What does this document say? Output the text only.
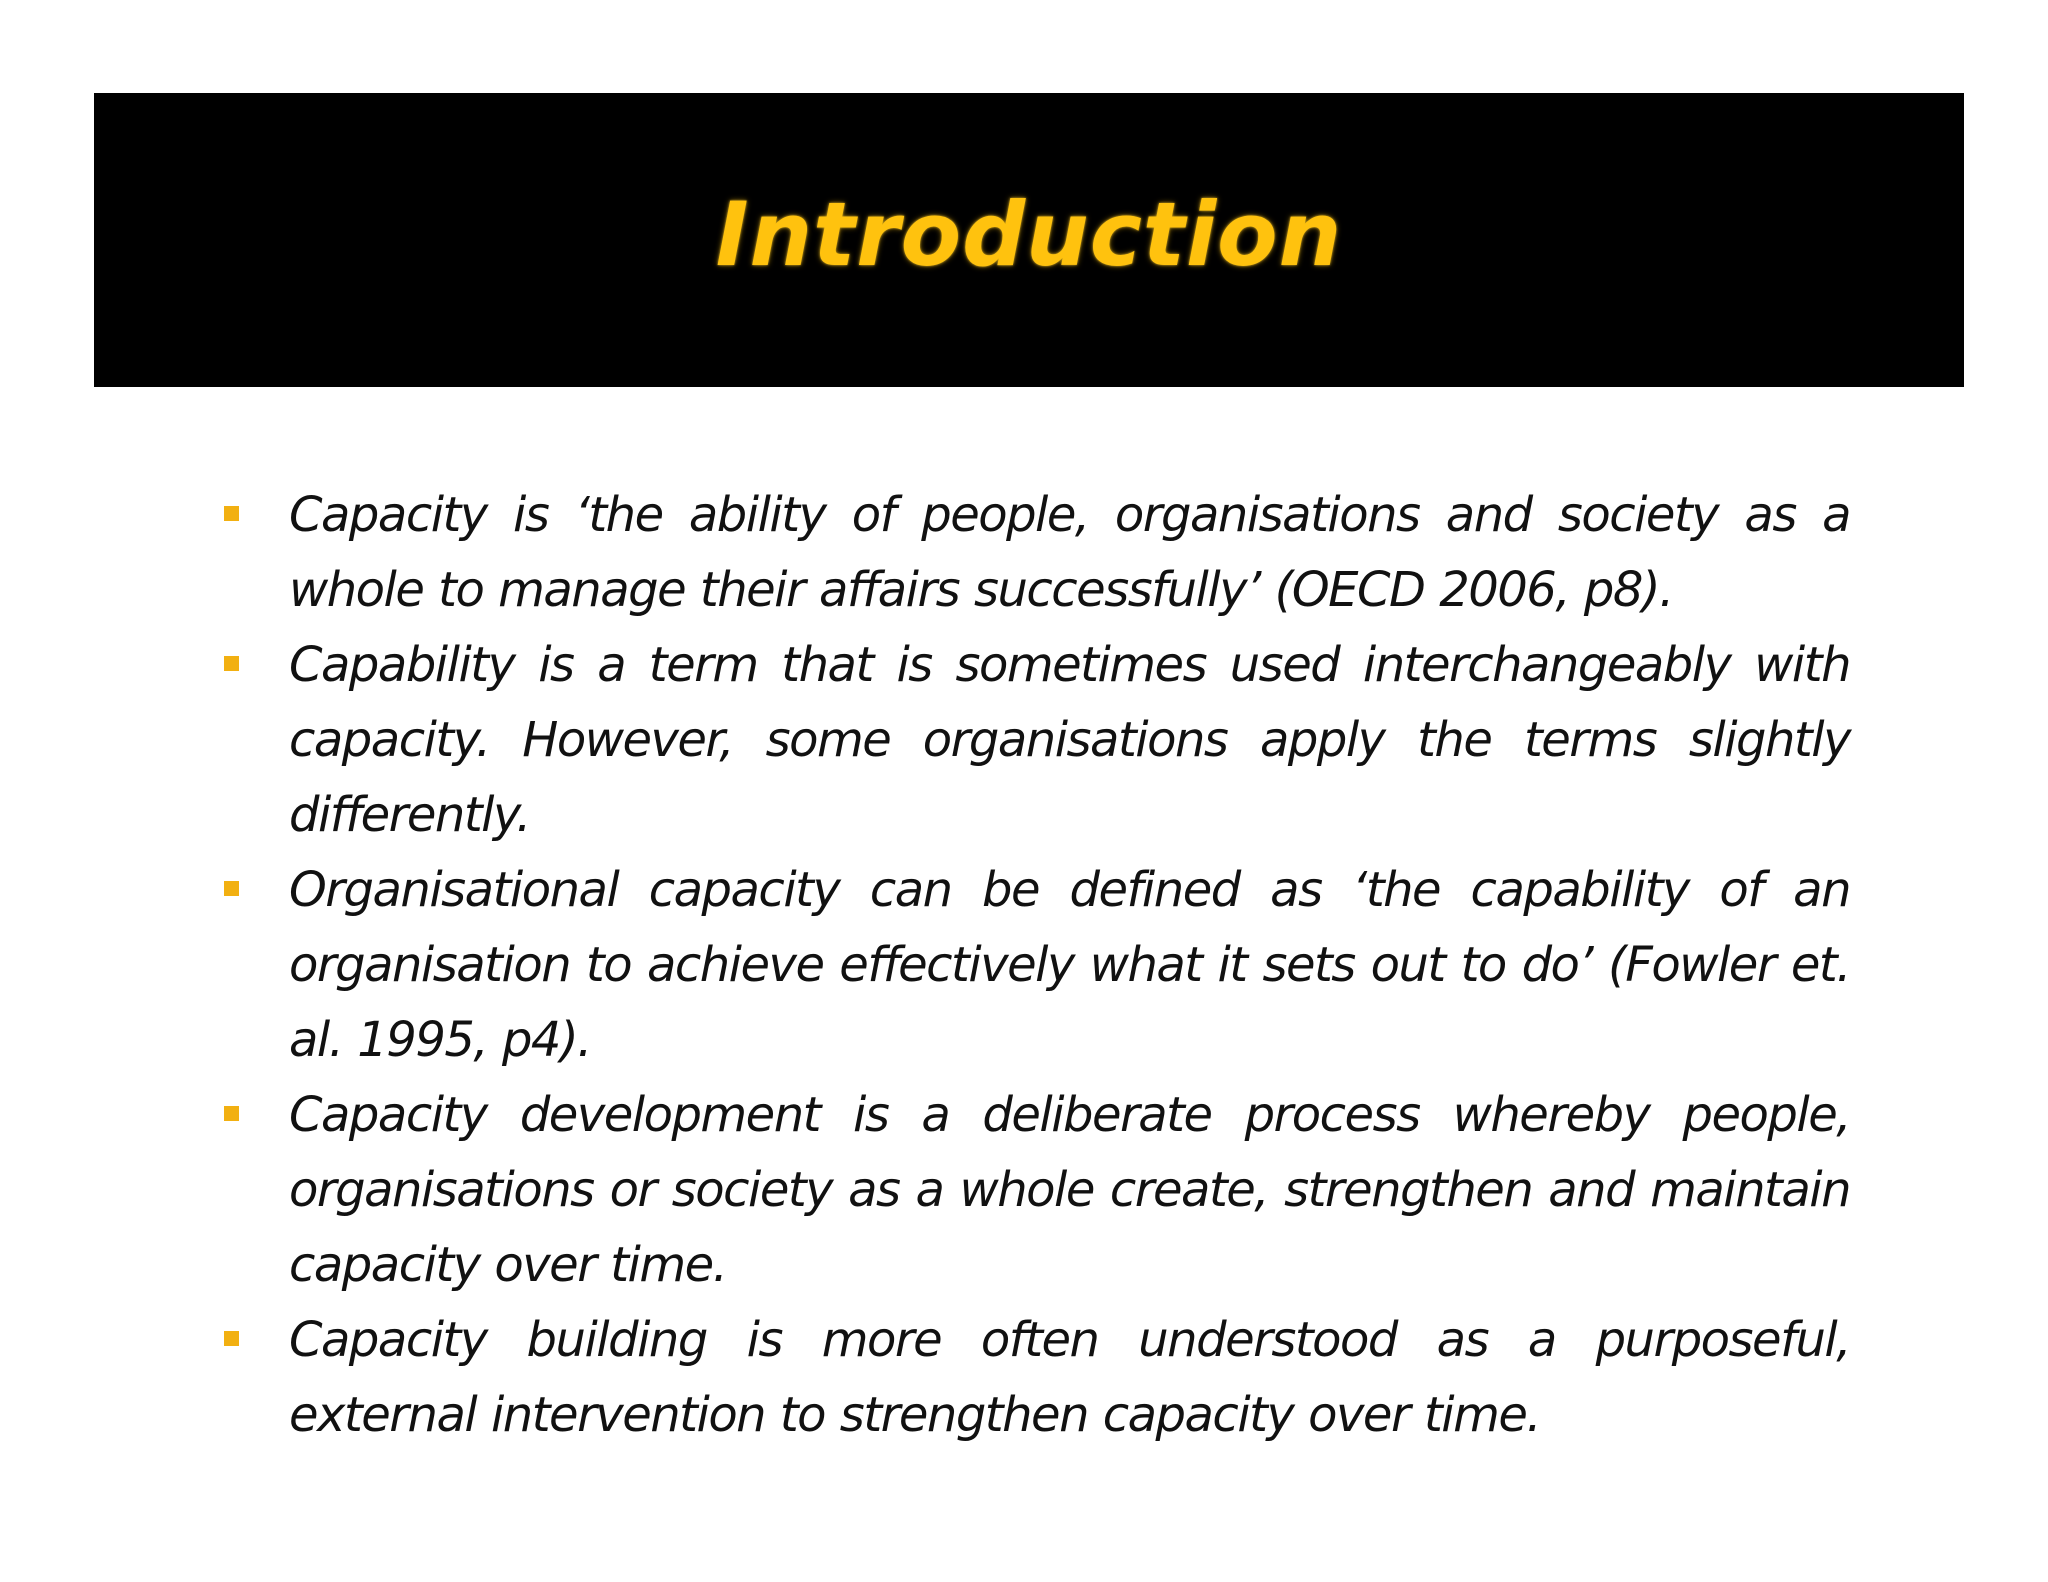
Introduction
Capacity is ‘the ability of people, organisations and society as a whole to manage their affairs successfully’ (OECD 2006, p8).
Capability is a term that is sometimes used interchangeably with capacity. However, some organisations apply the terms slightly differently.
Organisational capacity can be defined as ‘the capability of an organisation to achieve effectively what it sets out to do’ (Fowler et. al. 1995, p4).
Capacity development is a deliberate process whereby people, organisations or society as a whole create, strengthen and maintain capacity over time.
Capacity building is more often understood as a purposeful, external intervention to strengthen capacity over time.
